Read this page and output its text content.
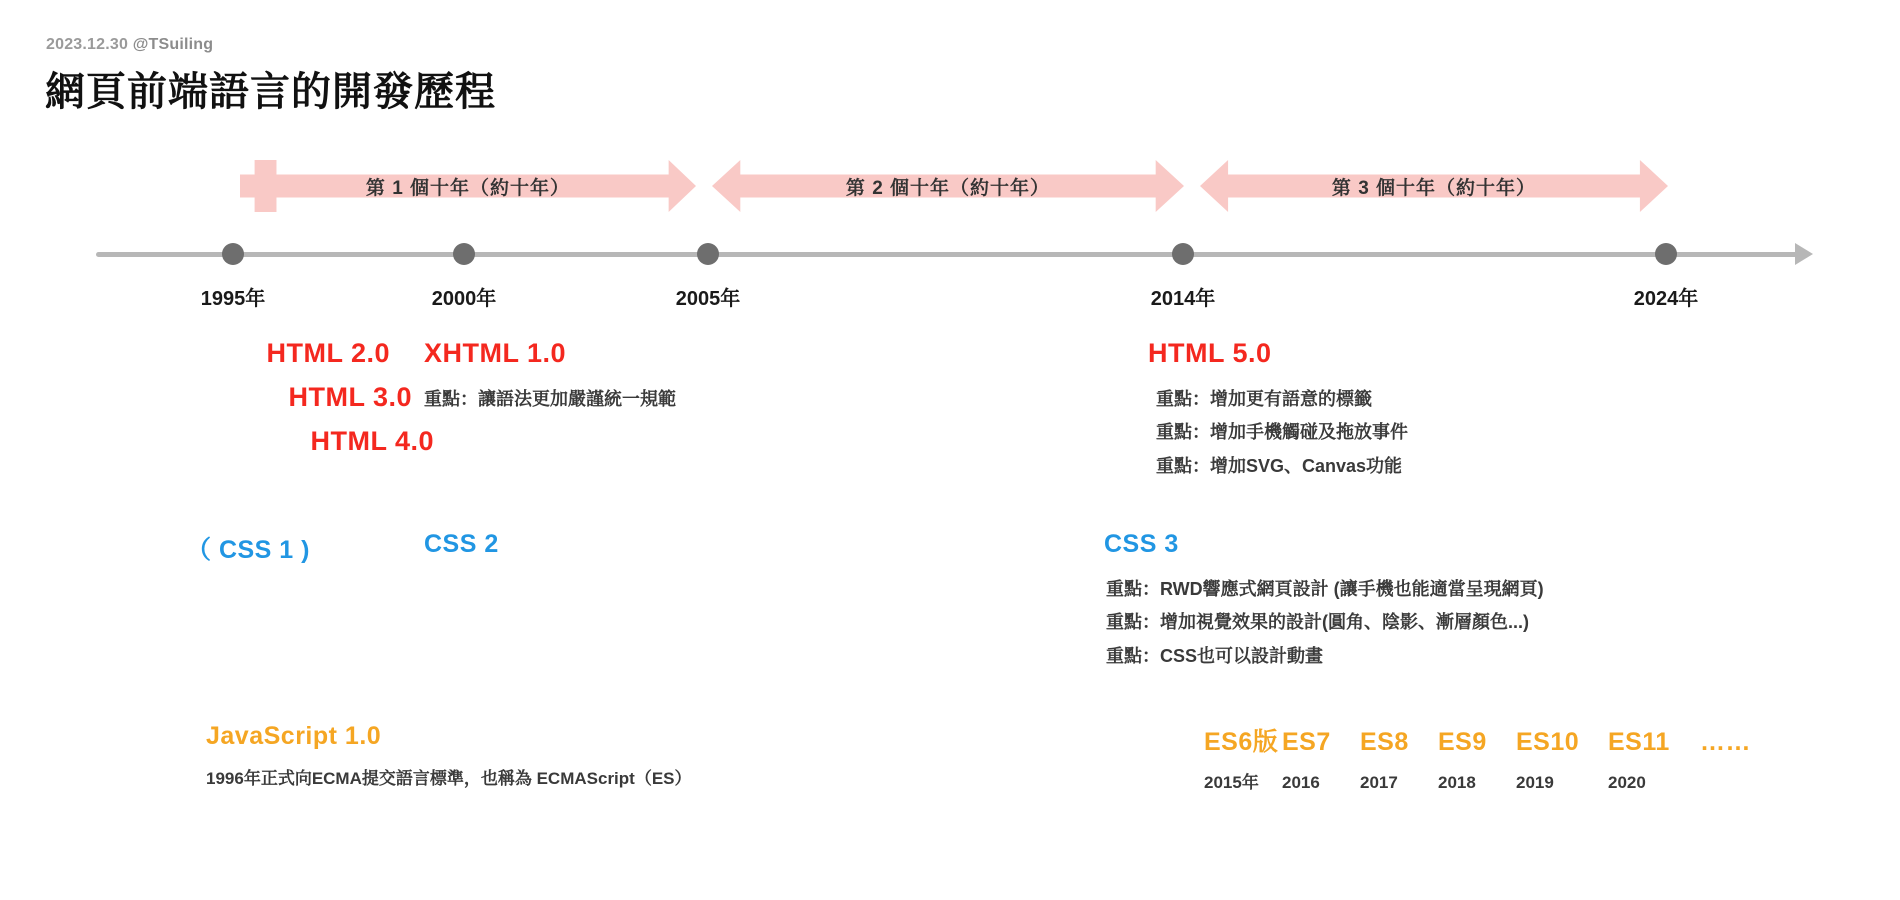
2023.12.30 @TSuiling
網頁前端語言的開發歷程
第 1 個十年（約十年）	第 2 個十年（約十年）	第 3 個十年（約十年）
1995年	2000年	2005年	2014年	2024年
HTML 2.0
HTML 3.0
HTML 4.0
XHTML 1.0
重點：讓語法更加嚴謹統一規範
HTML 5.0
重點：增加更有語意的標籤
重點：增加手機觸碰及拖放事件
重點：增加SVG、Canvas功能
（ CSS 1 )	CSS 2	CSS 3
重點：RWD響應式網頁設計 (讓手機也能適當呈現網頁)
重點：增加視覺效果的設計(圓角、陰影、漸層顏色...)
重點：CSS也可以設計動畫
JavaScript 1.0
1996年正式向ECMA提交語言標準，也稱為 ECMAScript（ES）
ES6版 ES7	ES8	ES9	ES10	ES11	……
2015年	2016	2017	2018	2019	2020
